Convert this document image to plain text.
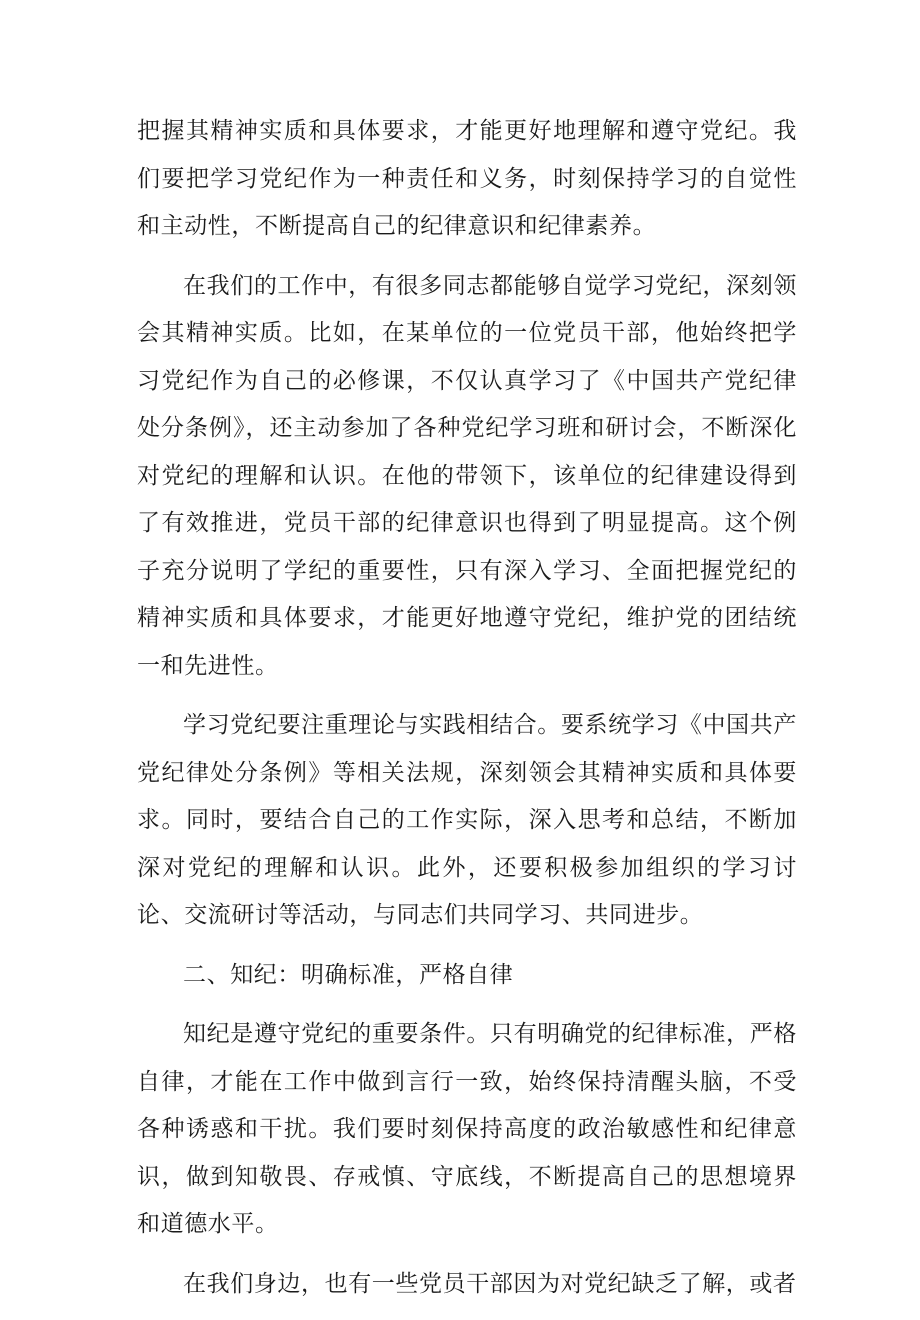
把握其精神实质和具体要求，才能更好地理解和遵守党纪。我们要把学习党纪作为一种责任和义务，时刻保持学习的自觉性和主动性，不断提高自己的纪律意识和纪律素养。

在我们的工作中，有很多同志都能够自觉学习党纪，深刻领会其精神实质。比如，在某单位的一位党员干部，他始终把学习党纪作为自己的必修课，不仅认真学习了《中国共产党纪律处分条例》，还主动参加了各种党纪学习班和研讨会，不断深化对党纪的理解和认识。在他的带领下，该单位的纪律建设得到了有效推进，党员干部的纪律意识也得到了明显提高。这个例子充分说明了学纪的重要性，只有深入学习、全面把握党纪的精神实质和具体要求，才能更好地遵守党纪，维护党的团结统一和先进性。

学习党纪要注重理论与实践相结合。要系统学习《中国共产党纪律处分条例》等相关法规，深刻领会其精神实质和具体要求。同时，要结合自己的工作实际，深入思考和总结，不断加深对党纪的理解和认识。此外，还要积极参加组织的学习讨论、交流研讨等活动，与同志们共同学习、共同进步。

二、知纪：明确标准，严格自律

知纪是遵守党纪的重要条件。只有明确党的纪律标准，严格自律，才能在工作中做到言行一致，始终保持清醒头脑，不受各种诱惑和干扰。我们要时刻保持高度的政治敏感性和纪律意识，做到知敬畏、存戒慎、守底线，不断提高自己的思想境界和道德水平。

在我们身边，也有一些党员干部因为对党纪缺乏了解，或者
